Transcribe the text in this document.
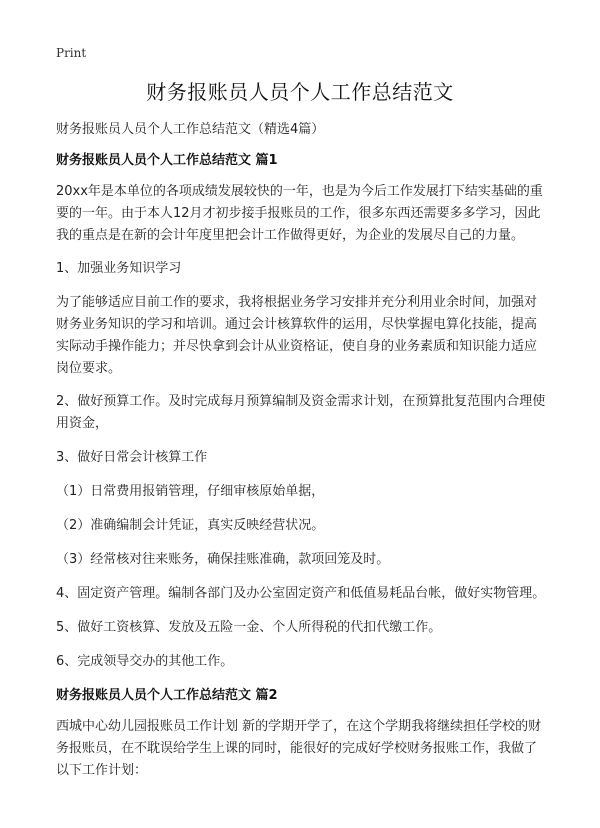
Print
财务报账员人员个人工作总结范文

财务报账员人员个人工作总结范文（精选4篇）

财务报账员人员个人工作总结范文 篇1

20xx年是本单位的各项成绩发展较快的一年，也是为今后工作发展打下结实基础的重要的一年。由于本人12月才初步接手报账员的工作，很多东西还需要多多学习，因此我的重点是在新的会计年度里把会计工作做得更好，为企业的发展尽自己的力量。

1、加强业务知识学习

为了能够适应目前工作的要求，我将根据业务学习安排并充分利用业余时间，加强对财务业务知识的学习和培训。通过会计核算软件的运用，尽快掌握电算化技能，提高实际动手操作能力；并尽快拿到会计从业资格证，使自身的业务素质和知识能力适应岗位要求。

2、做好预算工作。及时完成每月预算编制及资金需求计划，在预算批复范围内合理使用资金，

3、做好日常会计核算工作

（1）日常费用报销管理，仔细审核原始单据，

（2）准确编制会计凭证，真实反映经营状况。

（3）经常核对往来账务，确保挂账准确，款项回笼及时。

4、固定资产管理。编制各部门及办公室固定资产和低值易耗品台帐，做好实物管理。

5、做好工资核算、发放及五险一金、个人所得税的代扣代缴工作。

6、完成领导交办的其他工作。

财务报账员人员个人工作总结范文 篇2

西城中心幼儿园报账员工作计划 新的学期开学了，在这个学期我将继续担任学校的财务报账员，在不耽误给学生上课的同时，能很好的完成好学校财务报账工作，我做了以下工作计划：
